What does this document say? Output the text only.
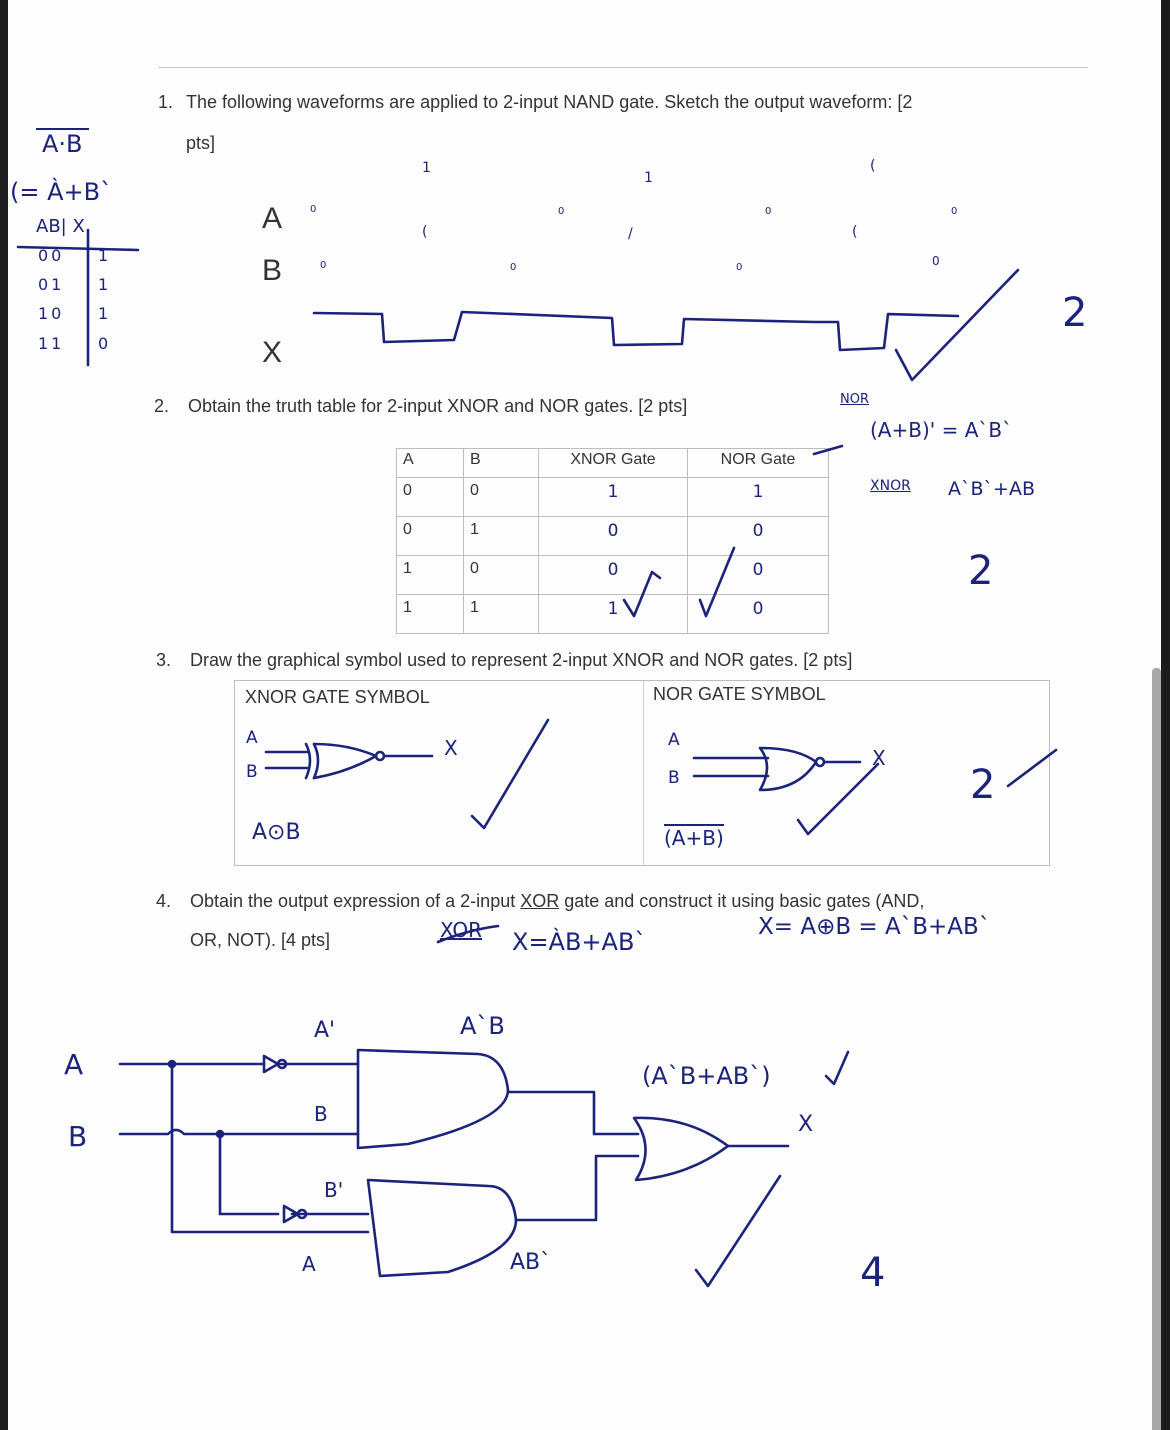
1. The following waveforms are applied to 2-input NAND gate. Sketch the output waveform: [2
pts]
A
B
X
1
1
(
0	0	0	0
(	/	(
0	0	0	0
2
A·B
(= À+B`
AB| X
00 1
01 1
10 1
11 0
2. Obtain the truth table for 2-input XNOR and NOR gates. [2 pts]
A	B	XNOR Gate	NOR Gate
0	0	1	1
0	1	0	0
1	0	0	0
1	1	1	0
NOR
(A+B)' = A`B`
XNOR A`B`+AB
2
3. Draw the graphical symbol used to represent 2-input XNOR and NOR gates. [2 pts]
XNOR GATE SYMBOL	NOR GATE SYMBOL
A
B
X
A⊙B
A
B
X
(A+B)
2
4. Obtain the output expression of a 2-input XOR gate and construct it using basic gates (AND,
OR, NOT). [4 pts]	XOR X=ÀB+AB`
X= A⊕B = A`B+AB`
A
B
A'	A`B
B
B'
A	AB`
(A`B+AB`)
X
4
